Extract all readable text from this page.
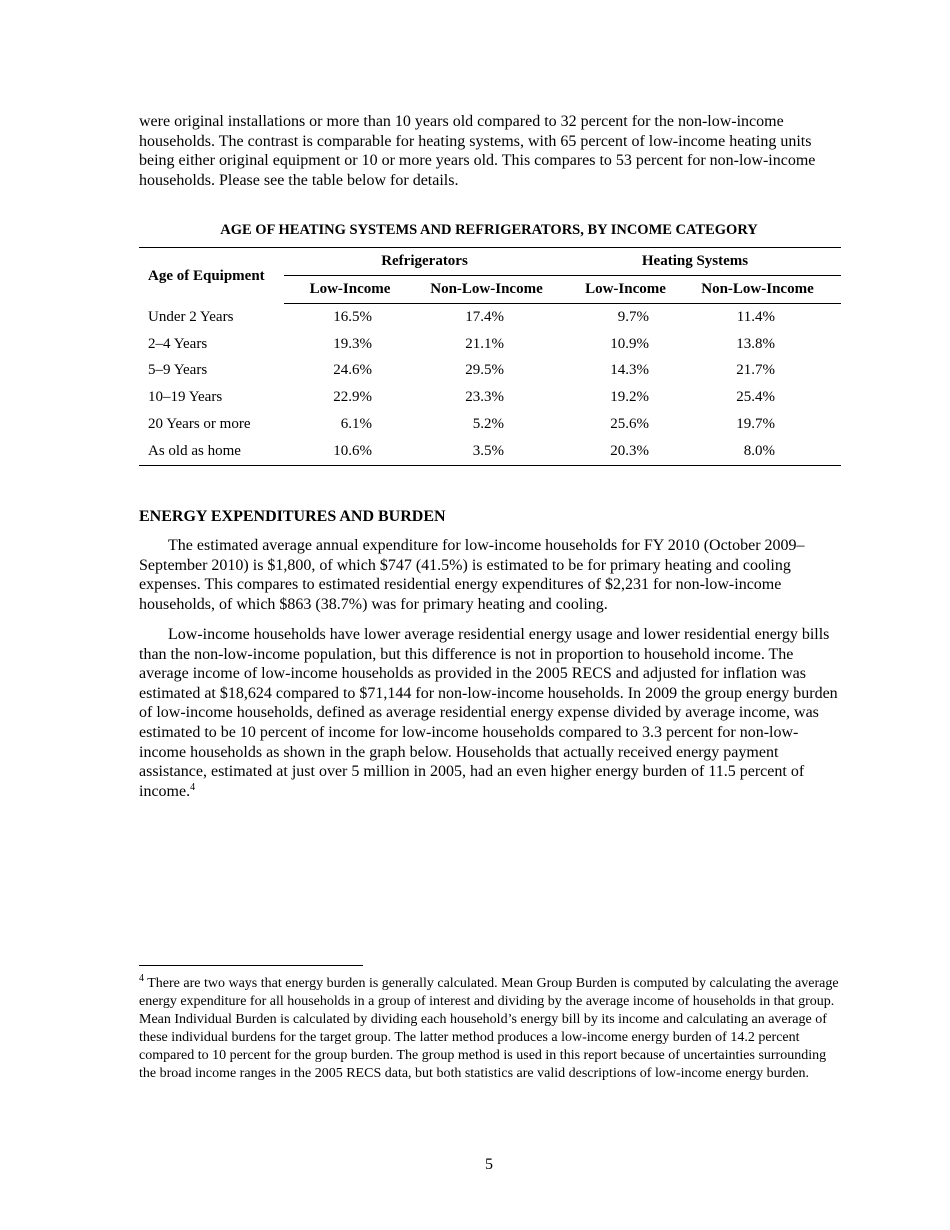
were original installations or more than 10 years old compared to 32 percent for the non-low-income households. The contrast is comparable for heating systems, with 65 percent of low-income heating units being either original equipment or 10 or more years old. This compares to 53 percent for non-low-income households. Please see the table below for details.

AGE OF HEATING SYSTEMS AND REFRIGERATORS, BY INCOME CATEGORY
Age of Equipment	Refrigerators		Heating Systems	
	Low-Income	Non-Low-Income	Low-Income	Non-Low-Income
Under 2 Years	16.5%	17.4%	9.7%	11.4%
2–4 Years	19.3%	21.1%	10.9%	13.8%
5–9 Years	24.6%	29.5%	14.3%	21.7%
10–19 Years	22.9%	23.3%	19.2%	25.4%
20 Years or more	6.1%	5.2%	25.6%	19.7%
As old as home	10.6%	3.5%	20.3%	8.0%
ENERGY EXPENDITURES AND BURDEN

The estimated average annual expenditure for low-income households for FY 2010 (October 2009–September 2010) is $1,800, of which $747 (41.5%) is estimated to be for primary heating and cooling expenses. This compares to estimated residential energy expenditures of $2,231 for non-low-income households, of which $863 (38.7%) was for primary heating and cooling.

Low-income households have lower average residential energy usage and lower residential energy bills than the non-low-income population, but this difference is not in proportion to household income. The average income of low-income households as provided in the 2005 RECS and adjusted for inflation was estimated at $18,624 compared to $71,144 for non-low-income households. In 2009 the group energy burden of low-income households, defined as average residential energy expense divided by average income, was estimated to be 10 percent of income for low-income households compared to 3.3 percent for non-low-income households as shown in the graph below. Households that actually received energy payment assistance, estimated at just over 5 million in 2005, had an even higher energy burden of 11.5 percent of income.$^4$

$^4$ There are two ways that energy burden is generally calculated. Mean Group Burden is computed by calculating the average energy expenditure for all households in a group of interest and dividing by the average income of households in that group. Mean Individual Burden is calculated by dividing each household’s energy bill by its income and calculating an average of these individual burdens for the target group. The latter method produces a low-income energy burden of 14.2 percent compared to 10 percent for the group burden. The group method is used in this report because of uncertainties surrounding the broad income ranges in the 2005 RECS data, but both statistics are valid descriptions of low-income energy burden.

5
